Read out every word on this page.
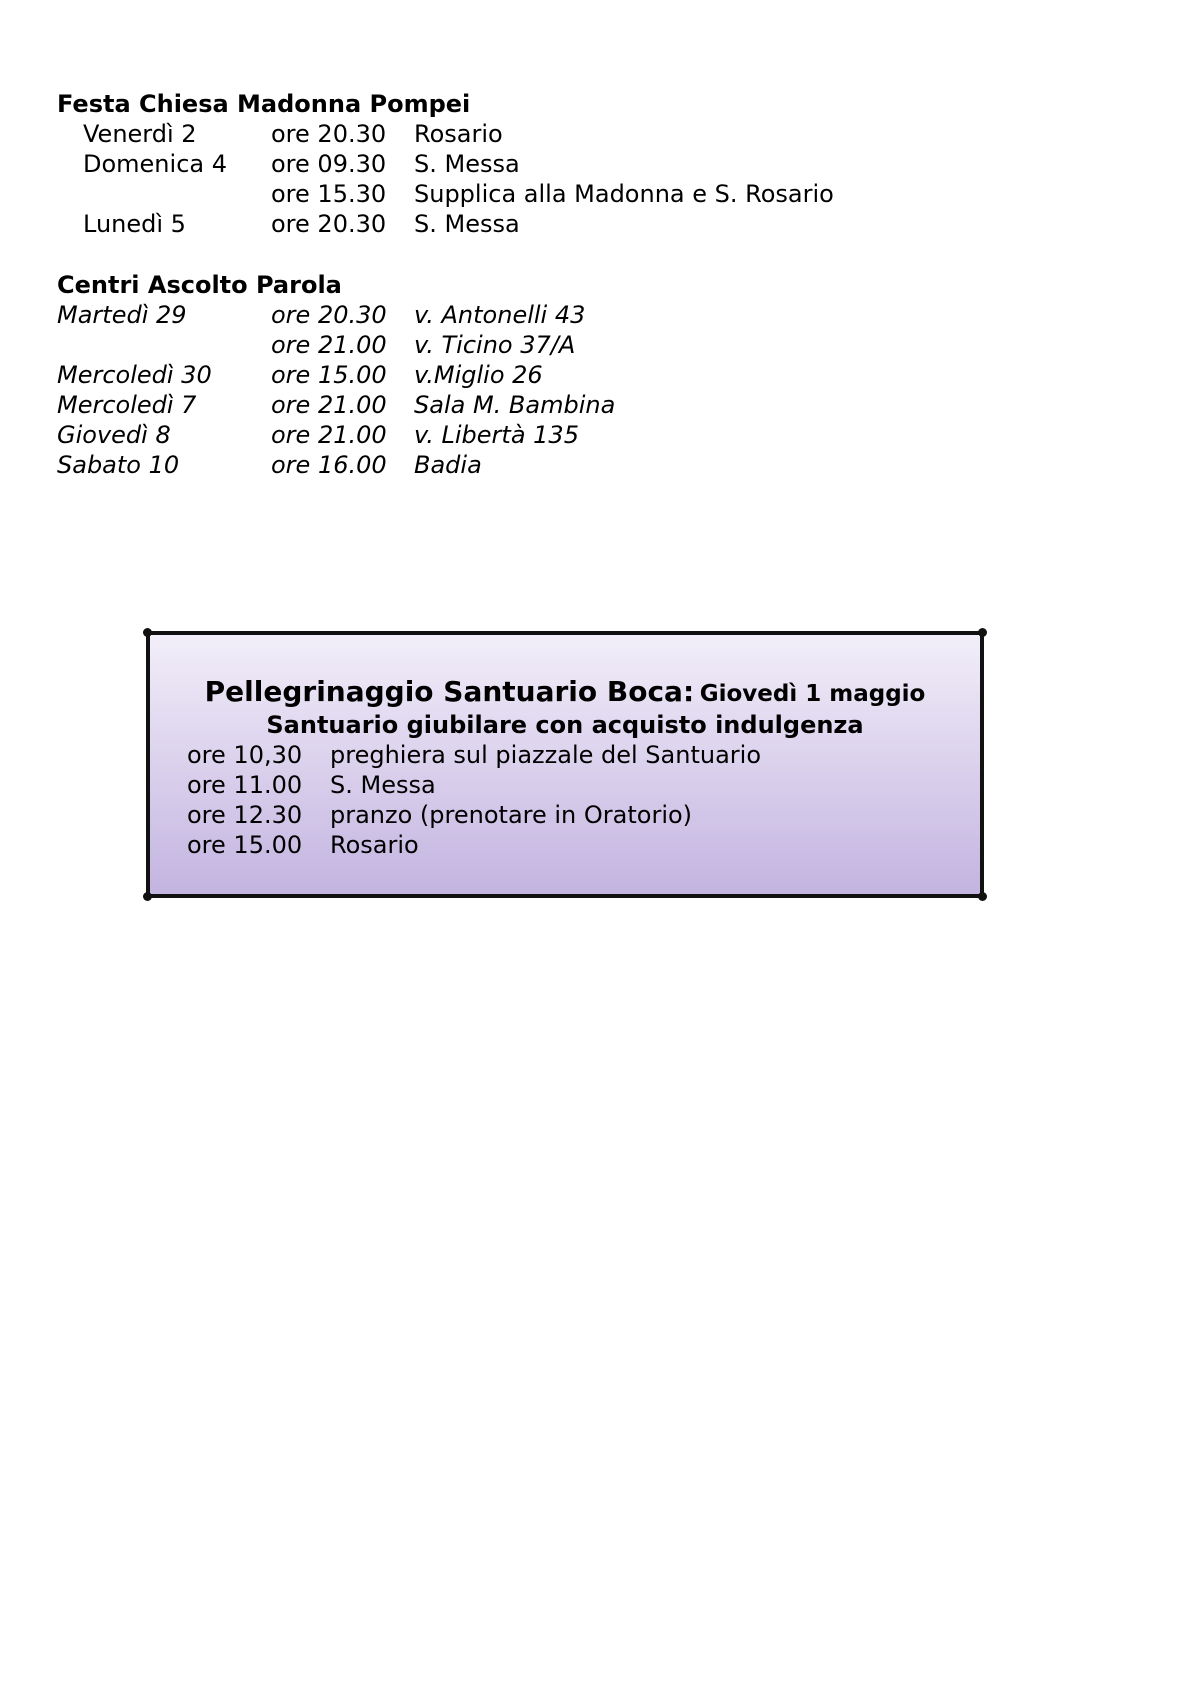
Festa Chiesa Madonna Pompei
Venerdì 2	ore 20.30 Rosario
Domenica 4 ore 09.30 S. Messa
ore 15.30 Supplica alla Madonna e S. Rosario
Lunedì 5	ore 20.30 S. Messa
Centri Ascolto Parola
Martedì 29	ore 20.30 v. Antonelli 43
ore 21.00 v. Ticino 37/A
Mercoledì 30 ore 15.00 v.Miglio 26
Mercoledì 7	ore 21.00 Sala M. Bambina
Giovedì 8	ore 21.00 v. Libertà 135
Sabato 10	ore 16.00 Badia
Pellegrinaggio Santuario Boca: Giovedì 1 maggio
Santuario giubilare con acquisto indulgenza
ore 10,30 preghiera sul piazzale del Santuario
ore 11.00 S. Messa
ore 12.30 pranzo (prenotare in Oratorio)
ore 15.00 Rosario
